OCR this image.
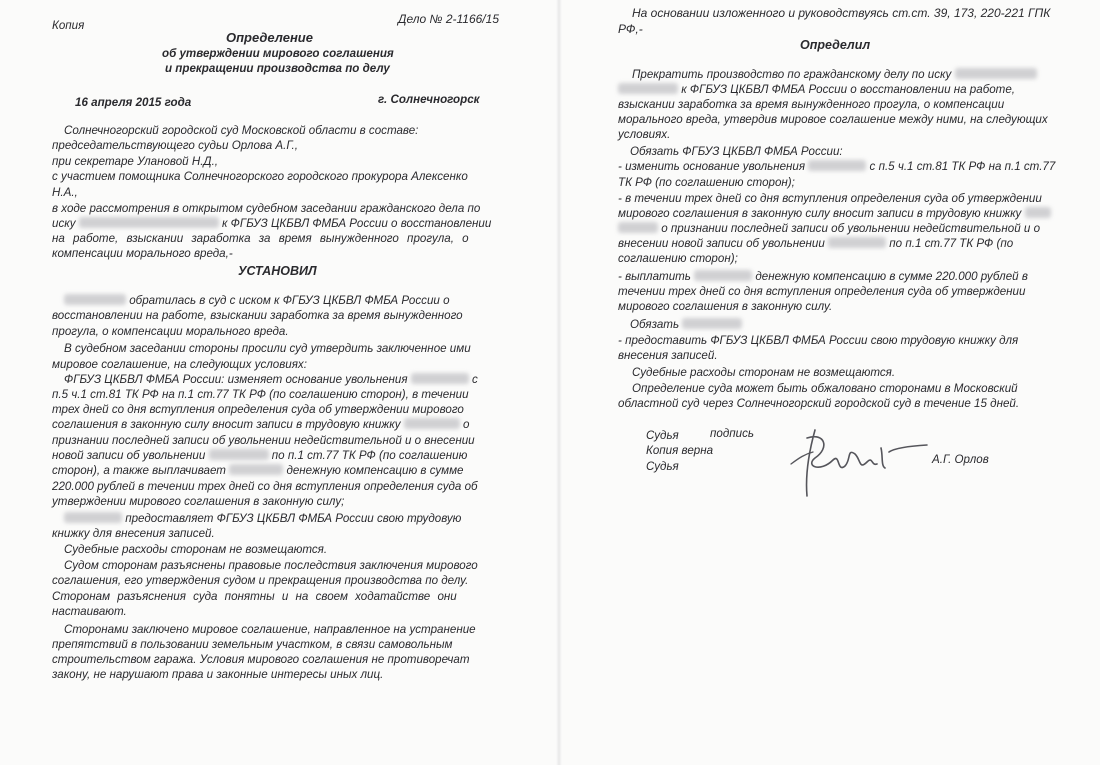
Копия	Дело № 2-1166/15
Определение
об утверждении мирового соглашения
и прекращении производства по делу
16 апреля 2015 года	г. Солнечногорск
Солнечногорский городской суд Московской области в составе:
председательствующего судьи Орлова А.Г.,
при секретаре Улановой Н.Д.,
с участием помощника Солнечногорского городского прокурора Алексенко
Н.А.,
в ходе рассмотрения в открытом судебном заседании гражданского дела по
иску	к ФГБУЗ ЦКБВЛ ФМБА России о восстановлении
на работе, взыскании заработка за время вынужденного прогула, о
компенсации морального вреда,-
УСТАНОВИЛ
обратилась в суд с иском к ФГБУЗ ЦКБВЛ ФМБА России о
восстановлении на работе, взыскании заработка за время вынужденного
прогула, о компенсации морального вреда.
В судебном заседании стороны просили суд утвердить заключенное ими
мировое соглашение, на следующих условиях:
ФГБУЗ ЦКБВЛ ФМБА России: изменяет основание увольнения	с
п.5 ч.1 ст.81 ТК РФ на п.1 ст.77 ТК РФ (по соглашению сторон), в течении
трех дней со дня вступления определения суда об утверждении мирового
соглашения в законную силу вносит записи в трудовую книжку	о
признании последней записи об увольнении недействительной и о внесении
новой записи об увольнении	по п.1 ст.77 ТК РФ (по соглашению
сторон), а также выплачивает	денежную компенсацию в сумме
220.000 рублей в течении трех дней со дня вступления определения суда об
утверждении мирового соглашения в законную силу;
предоставляет ФГБУЗ ЦКБВЛ ФМБА России свою трудовую
книжку для внесения записей.
Судебные расходы сторонам не возмещаются.
Судом сторонам разъяснены правовые последствия заключения мирового
соглашения, его утверждения судом и прекращения производства по делу.
Сторонам разъяснения суда понятны и на своем ходатайстве они
настаивают.
Сторонами заключено мировое соглашение, направленное на устранение
препятствий в пользовании земельным участком, в связи самовольным
строительством гаража. Условия мирового соглашения не противоречат
закону, не нарушают права и законные интересы иных лиц.
На основании изложенного и руководствуясь ст.ст. 39, 173, 220-221 ГПК
РФ,-
Определил
Прекратить производство по гражданскому делу по иску
к ФГБУЗ ЦКБВЛ ФМБА России о восстановлении на работе,
взыскании заработка за время вынужденного прогула, о компенсации
морального вреда, утвердив мировое соглашение между ними, на следующих
условиях.
Обязать ФГБУЗ ЦКБВЛ ФМБА России:
- изменить основание увольнения	с п.5 ч.1 ст.81 ТК РФ на п.1 ст.77
ТК РФ (по соглашению сторон);
- в течении трех дней со дня вступления определения суда об утверждении
мирового соглашения в законную силу вносит записи в трудовую книжку
о признании последней записи об увольнении недействительной и о
внесении новой записи об увольнении	по п.1 ст.77 ТК РФ (по
соглашению сторон);
- выплатить	денежную компенсацию в сумме 220.000 рублей в
течении трех дней со дня вступления определения суда об утверждении
мирового соглашения в законную силу.
Обязать
- предоставить ФГБУЗ ЦКБВЛ ФМБА России свою трудовую книжку для
внесения записей.
Судебные расходы сторонам не возмещаются.
Определение суда может быть обжаловано сторонами в Московский
областной суд через Солнечногорский городской суд в течение 15 дней.
Судья	подпись
Копия верна
Судья
А.Г. Орлов
